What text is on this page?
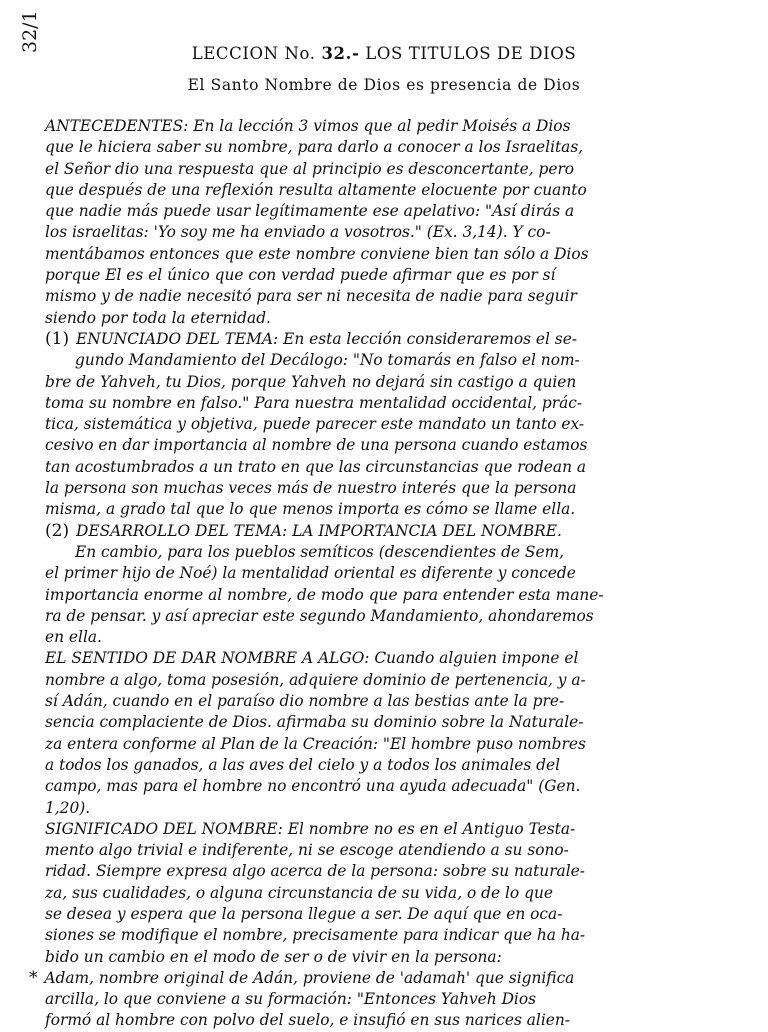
32/1
LECCION No. 32.- LOS TITULOS DE DIOS
El Santo Nombre de Dios es presencia de Dios
ANTECEDENTES: En la lección 3 vimos que al pedir Moisés a Dios
que le hiciera saber su nombre, para darlo a conocer a los Israelitas,
el Señor dio una respuesta que al principio es desconcertante, pero
que después de una reflexión resulta altamente elocuente por cuanto
que nadie más puede usar legítimamente ese apelativo: "Así dirás a
los israelitas: 'Yo soy me ha enviado a vosotros." (Ex. 3,14). Y co-
mentábamos entonces que este nombre conviene bien tan sólo a Dios
porque El es el único que con verdad puede afirmar que es por sí
mismo y de nadie necesitó para ser ni necesita de nadie para seguir
siendo por toda la eternidad.
(1) ENUNCIADO DEL TEMA: En esta lección consideraremos el se-
gundo Mandamiento del Decálogo: "No tomarás en falso el nom-
bre de Yahveh, tu Dios, porque Yahveh no dejará sin castigo a quien
toma su nombre en falso." Para nuestra mentalidad occidental, prác-
tica, sistemática y objetiva, puede parecer este mandato un tanto ex-
cesivo en dar importancia al nombre de una persona cuando estamos
tan acostumbrados a un trato en que las circunstancias que rodean a
la persona son muchas veces más de nuestro interés que la persona
misma, a grado tal que lo que menos importa es cómo se llame ella.
(2) DESARROLLO DEL TEMA: LA IMPORTANCIA DEL NOMBRE.
En cambio, para los pueblos semíticos (descendientes de Sem,
el primer hijo de Noé) la mentalidad oriental es diferente y concede
importancia enorme al nombre, de modo que para entender esta mane-
ra de pensar. y así apreciar este segundo Mandamiento, ahondaremos
en ella.
EL SENTIDO DE DAR NOMBRE A ALGO: Cuando alguien impone el
nombre a algo, toma posesión, adquiere dominio de pertenencia, y a-
sí Adán, cuando en el paraíso dio nombre a las bestias ante la pre-
sencia complaciente de Dios. afirmaba su dominio sobre la Naturale-
za entera conforme al Plan de la Creación: "El hombre puso nombres
a todos los ganados, a las aves del cielo y a todos los animales del
campo, mas para el hombre no encontró una ayuda adecuada" (Gen.
1,20).
SIGNIFICADO DEL NOMBRE: El nombre no es en el Antiguo Testa-
mento algo trivial e indiferente, ni se escoge atendiendo a su sono-
ridad. Siempre expresa algo acerca de la persona: sobre su naturale-
za, sus cualidades, o alguna circunstancia de su vida, o de lo que
se desea y espera que la persona llegue a ser. De aquí que en oca-
siones se modifique el nombre, precisamente para indicar que ha ha-
bido un cambio en el modo de ser o de vivir en la persona:
* Adam, nombre original de Adán, proviene de 'adamah' que significa
arcilla, lo que conviene a su formación: "Entonces Yahveh Dios
formó al hombre con polvo del suelo, e insufió en sus narices alien-
